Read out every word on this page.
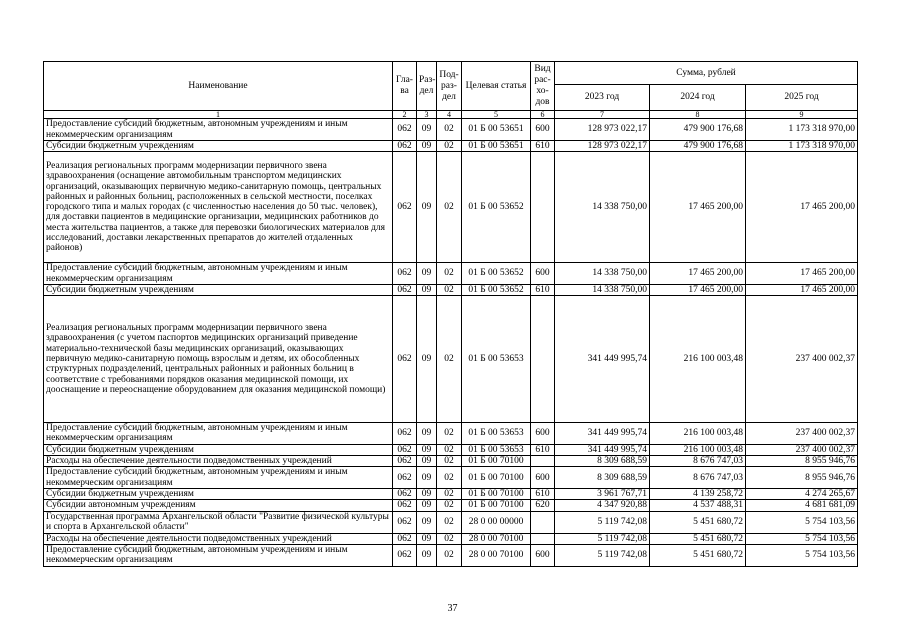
Наименование	Гла-ва	Раз-дел	Под-раз-дел	Целевая статья	Вид рас-хо-дов	Сумма, рублей		
						2023 год	2024 год	2025 год
1	2	3	4	5	6	7	8	9
Предоставление субсидий бюджетным, автономным учреждениям и иным некоммерческим организациям	062	09	02	01 Б 00 53651	600	128 973 022,17	479 900 176,68	1 173 318 970,00
Субсидии бюджетным учреждениям	062	09	02	01 Б 00 53651	610	128 973 022,17	479 900 176,68	1 173 318 970,00
Реализация региональных программ модернизации первичного звена здравоохранения (оснащение автомобильным транспортом медицинских организаций, оказывающих первичную медико-санитарную помощь, центральных районных и районных больниц, расположенных в сельской местности, поселках городского типа и малых городах (с численностью населения до 50 тыс. человек), для доставки пациентов в медицинские организации, медицинских работников до места жительства пациентов, а также для перевозки биологических материалов для исследований, доставки лекарственных препаратов до жителей отдаленных районов)	062	09	02	01 Б 00 53652		14 338 750,00	17 465 200,00	17 465 200,00
Предоставление субсидий бюджетным, автономным учреждениям и иным некоммерческим организациям	062	09	02	01 Б 00 53652	600	14 338 750,00	17 465 200,00	17 465 200,00
Субсидии бюджетным учреждениям	062	09	02	01 Б 00 53652	610	14 338 750,00	17 465 200,00	17 465 200,00
Реализация региональных программ модернизации первичного звена здравоохранения (с учетом паспортов медицинских организаций приведение материально-технической базы медицинских организаций, оказывающих первичную медико-санитарную помощь взрослым и детям, их обособленных структурных подразделений, центральных районных и районных больниц в соответствие с требованиями порядков оказания медицинской помощи, их дооснащение и переоснащение оборудованием для оказания медицинской помощи)	062	09	02	01 Б 00 53653		341 449 995,74	216 100 003,48	237 400 002,37
Предоставление субсидий бюджетным, автономным учреждениям и иным некоммерческим организациям	062	09	02	01 Б 00 53653	600	341 449 995,74	216 100 003,48	237 400 002,37
Субсидии бюджетным учреждениям	062	09	02	01 Б 00 53653	610	341 449 995,74	216 100 003,48	237 400 002,37
Расходы на обеспечение деятельности подведомственных учреждений	062	09	02	01 Б 00 70100		8 309 688,59	8 676 747,03	8 955 946,76
Предоставление субсидий бюджетным, автономным учреждениям и иным некоммерческим организациям	062	09	02	01 Б 00 70100	600	8 309 688,59	8 676 747,03	8 955 946,76
Субсидии бюджетным учреждениям	062	09	02	01 Б 00 70100	610	3 961 767,71	4 139 258,72	4 274 265,67
Субсидии автономным учреждениям	062	09	02	01 Б 00 70100	620	4 347 920,88	4 537 488,31	4 681 681,09
Государственная программа Архангельской области "Развитие физической культуры и спорта в Архангельской области"	062	09	02	28 0 00 00000		5 119 742,08	5 451 680,72	5 754 103,56
Расходы на обеспечение деятельности подведомственных учреждений	062	09	02	28 0 00 70100		5 119 742,08	5 451 680,72	5 754 103,56
Предоставление субсидий бюджетным, автономным учреждениям и иным некоммерческим организациям	062	09	02	28 0 00 70100	600	5 119 742,08	5 451 680,72	5 754 103,56
37
